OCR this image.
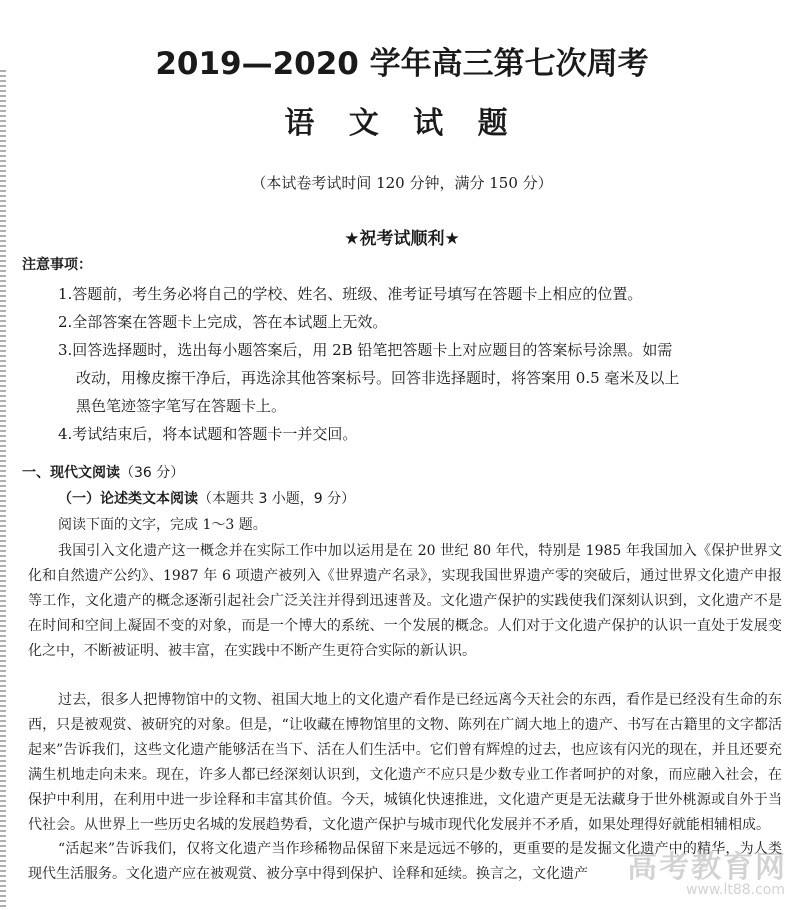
2019—2020 学年高三第七次周考
语 文 试 题
（本试卷考试时间 120 分钟，满分 150 分）
★祝考试顺利★
注意事项：
1.答题前，考生务必将自己的学校、姓名、班级、准考证号填写在答题卡上相应的位置。
2.全部答案在答题卡上完成，答在本试题上无效。
3.回答选择题时，选出每小题答案后，用 2B 铅笔把答题卡上对应题目的答案标号涂黑。如需
改动，用橡皮擦干净后，再选涂其他答案标号。回答非选择题时，将答案用 0.5 毫米及以上
黑色笔迹签字笔写在答题卡上。
4.考试结束后，将本试题和答题卡一并交回。
一、现代文阅读（36 分）
（一）论述类文本阅读（本题共 3 小题，9 分）
阅读下面的文字，完成 1～3 题。

我国引入文化遗产这一概念并在实际工作中加以运用是在 20 世纪 80 年代，特别是 1985 年我国加入《保护世界文化和自然遗产公约》、1987 年 6 项遗产被列入《世界遗产名录》，实现我国世界遗产零的突破后，通过世界文化遗产申报等工作，文化遗产的概念逐渐引起社会广泛关注并得到迅速普及。文化遗产保护的实践使我们深刻认识到，文化遗产不是在时间和空间上凝固不变的对象，而是一个博大的系统、一个发展的概念。人们对于文化遗产保护的认识一直处于发展变化之中，不断被证明、被丰富，在实践中不断产生更符合实际的新认识。

过去，很多人把博物馆中的文物、祖国大地上的文化遗产看作是已经远离今天社会的东西，看作是已经没有生命的东西，只是被观赏、被研究的对象。但是，“让收藏在博物馆里的文物、陈列在广阔大地上的遗产、书写在古籍里的文字都活起来”告诉我们，这些文化遗产能够活在当下、活在人们生活中。它们曾有辉煌的过去，也应该有闪光的现在，并且还要充满生机地走向未来。现在，许多人都已经深刻认识到，文化遗产不应只是少数专业工作者呵护的对象，而应融入社会，在保护中利用，在利用中进一步诠释和丰富其价值。今天，城镇化快速推进，文化遗产更是无法藏身于世外桃源或自外于当代社会。从世界上一些历史名城的发展趋势看，文化遗产保护与城市现代化发展并不矛盾，如果处理得好就能相辅相成。

“活起来”告诉我们，仅将文化遗产当作珍稀物品保留下来是远远不够的，更重要的是发掘文化遗产中的精华，为人类现代生活服务。文化遗产应在被观赏、被分享中得到保护、诠释和延续。换言之，文化遗产	高考教育网
www.lt88.com
